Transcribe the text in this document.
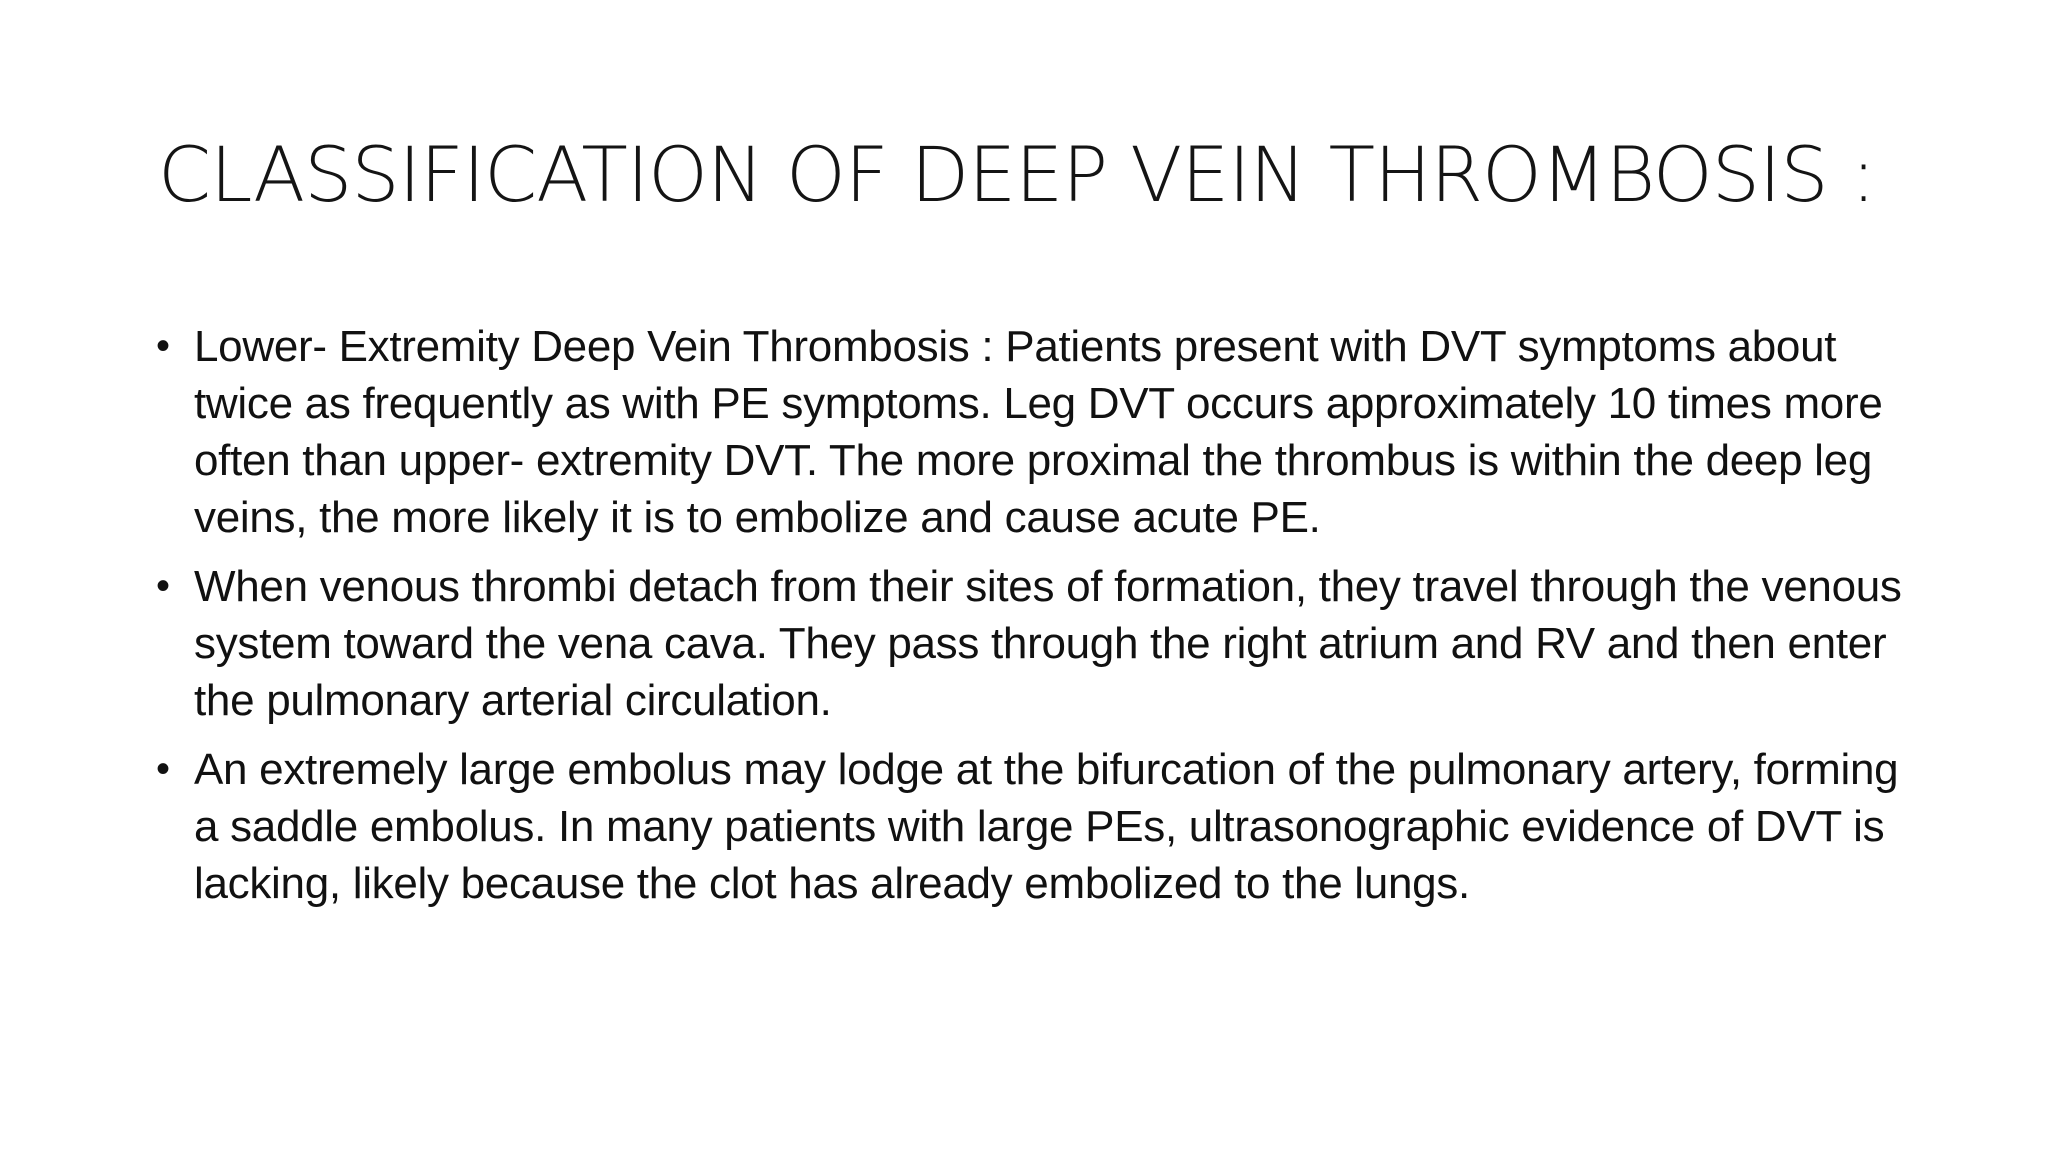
CLASSIFICATION OF DEEP VEIN THROMBOSIS :
• Lower- Extremity Deep Vein Thrombosis : Patients present with DVT symptoms about twice as frequently as with PE symptoms. Leg DVT occurs approximately 10 times more often than upper- extremity DVT. The more proximal the thrombus is within the deep leg veins, the more likely it is to embolize and cause acute PE.
• When venous thrombi detach from their sites of formation, they travel through the venous system toward the vena cava. They pass through the right atrium and RV and then enter the pulmonary arterial circulation.
• An extremely large embolus may lodge at the bifurcation of the pulmonary artery, forming a saddle embolus. In many patients with large PEs, ultrasonographic evidence of DVT is lacking, likely because the clot has already embolized to the lungs.
